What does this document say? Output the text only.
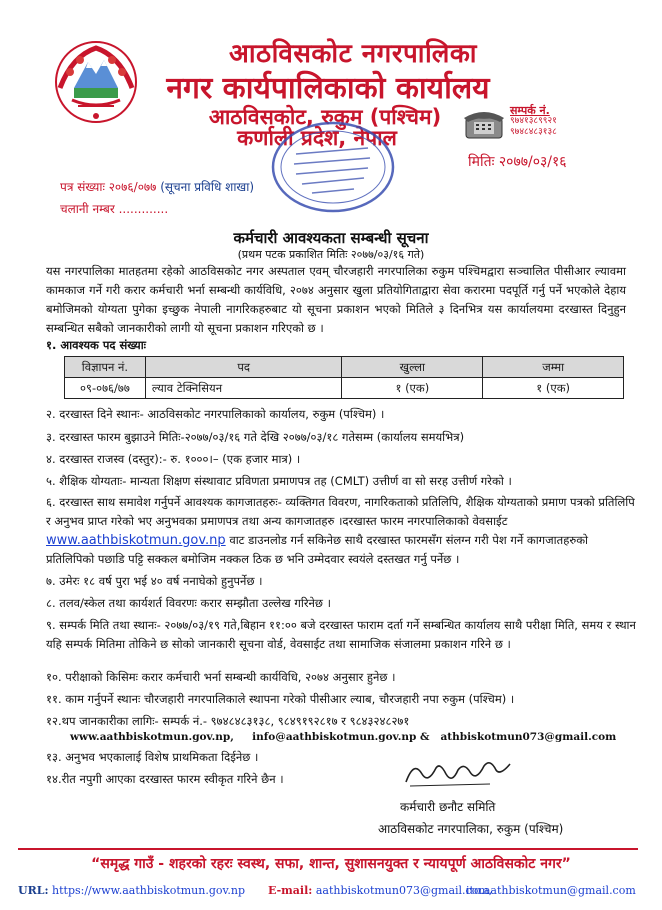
आठविसकोट नगरपालिका
नगर कार्यपालिकाको कार्यालय
आठविसकोट, रुकुम (पश्चिम)
कर्णाली प्रदेश, नेपाल
सम्पर्क नं.
९७४१३८९९२१
९७४८४८३१३८
मितिः २०७७/०३/१६
पत्र संख्याः २०७६/०७७ (सूचना प्रविधि शाखा)
चलानी नम्बर .............
कर्मचारी आवश्यकता सम्बन्धी सूचना
(प्रथम पटक प्रकाशित मितिः २०७७/०३/१६ गते)
यस नगरपालिका मातहतमा रहेको आठविसकोट नगर अस्पताल एवम् चौरजहारी नगरपालिका रुकुम पश्चिमद्वारा सञ्चालित पीसीआर ल्यावमा कामकाज गर्ने गरी करार कर्मचारी भर्ना सम्बन्धी कार्यविधि, २०७४ अनुसार खुला प्रतियोगिताद्वारा सेवा करारमा पदपूर्ति गर्नु पर्ने भएकोले देहाय बमोजिमको योग्यता पुगेका इच्छुक नेपाली नागरिकहरुबाट यो सूचना प्रकाशन भएको मितिले ३ दिनभित्र यस कार्यालयमा दरखास्त दिनुहुन सम्बन्धित सबैको जानकारीको लागी यो सूचना प्रकाशन गरिएको छ ।
१. आवश्यक पद संख्याः
विज्ञापन नं.	पद	खुल्ला	जम्मा
०९-०७६/७७	ल्याव टेक्निसियन	१ (एक)	१ (एक)
२. दरखास्त दिने स्थानः- आठविसकोट नगरपालिकाको कार्यालय, रुकुम (पश्चिम) ।
३. दरखास्त फारम बुझाउने मितिः-२०७७/०३/१६ गते देखि २०७७/०३/१८ गतेसम्म (कार्यालय समयभित्र)
४. दरखास्त राजस्व (दस्तुर):- रु. १०००।– (एक हजार मात्र) ।
५. शैक्षिक योग्यताः- मान्यता शिक्षण संस्थावाट प्रविणता प्रमाणपत्र तह (CMLT) उत्तीर्ण वा सो सरह उत्तीर्ण गरेको ।
६. दरखास्त साथ समावेश गर्नुपर्ने आवश्यक कागजातहरुः- व्यक्तिगत विवरण, नागरिकताको प्रतिलिपि, शैक्षिक योग्यताको प्रमाण पत्रको प्रतिलिपि र अनुभव प्राप्त गरेको भए अनुभवका प्रमाणपत्र तथा अन्य कागजातहरु ।दरखास्त फारम नगरपालिकाको वेवसाईट www.aathbiskotmun.gov.np वाट डाउनलोड गर्न सकिनेछ साथै दरखास्त फारमसँग संलग्न गरी पेश गर्ने कागजातहरुको प्रतिलिपिको पछाडि पट्टि सक्कल बमोजिम नक्कल ठिक छ भनि उम्मेदवार स्वयंले दस्तखत गर्नु पर्नेछ ।
७. उमेरः १८ वर्ष पुरा भई ४० वर्ष ननाघेको हुनुपर्नेछ ।
८. तलव/स्केल तथा कार्यशर्त विवरणः करार सम्झौता उल्लेख गरिनेछ ।
९. सम्पर्क मिति तथा स्थानः- २०७७/०३/१९ गते,बिहान ११:०० बजे दरखास्त फाराम दर्ता गर्ने सम्बन्धित कार्यालय साथै परीक्षा मिति, समय र स्थान यहि सम्पर्क मितिमा तोकिने छ सोको जानकारी सूचना वोर्ड, वेवसाईट तथा सामाजिक संजालमा प्रकाशन गरिने छ ।
१०. परीक्षाको किसिमः करार कर्मचारी भर्ना सम्बन्धी कार्यविधि, २०७४ अनुसार हुनेछ ।
११. काम गर्नुपर्ने स्थानः चौरजहारी नगरपालिकाले स्थापना गरेको पीसीआर ल्याब, चौरजहारी नपा रुकुम (पश्चिम) ।
१२.थप जानकारीका लागिः- सम्पर्क नं.- ९७४८४८३१३८, ९८४९१९२८१७ र ९८४३२४८२७१
www.aathbiskotmun.gov.np, info@aathbiskotmun.gov.np & athbiskotmun073@gmail.com
१३. अनुभव भएकालाई विशेष प्राथमिकता दिईनेछ ।
१४.रीत नपुगी आएका दरखास्त फारम स्वीकृत गरिने छैन ।
कर्मचारी छनौट समिति
आठविसकोट नगरपालिका, रुकुम (पश्चिम)
“समृद्ध गाउँ - शहरको रहरः स्वस्थ, सफा, शान्त, सुशासनयुक्त र न्यायपूर्ण आठविसकोट नगर”
URL: https://www.aathbiskotmun.gov.np E-mail: aathbiskotmun073@gmail.com,
ito.aathbiskotmun@gmail.com
